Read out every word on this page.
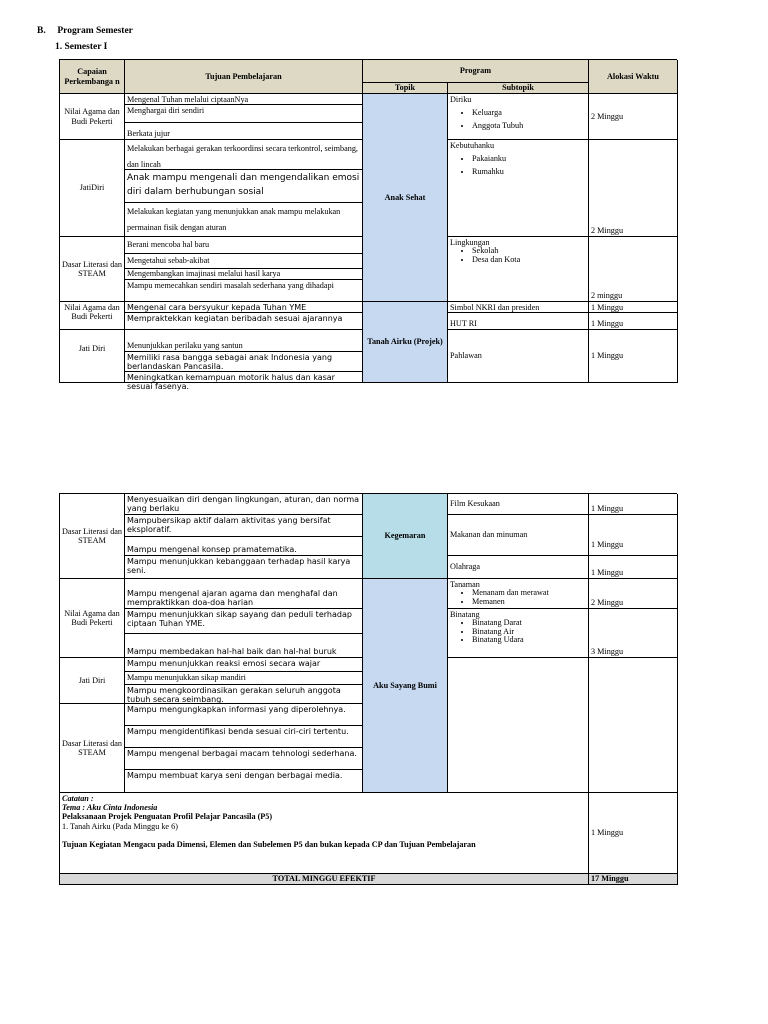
B. Program Semester
1. Semester I
Capaian Perkembanga n
Tujuan Pembelajaran
Program
Topik	Subtopik
Alokasi Waktu
Nilai Agama dan Budi Pekerti
JatiDiri
Dasar Literasi dan STEAM
Nilai Agama dan Budi Pekerti
Jati Diri
Mengenal Tuhan melalui ciptaanNya
Menghargai diri sendiri
Berkata jujur
Melakukan berbagai gerakan terkoordinsi secara terkontrol, seimbang, dan lincah
Anak mampu mengenali dan mengendalikan emosi diri dalam berhubungan sosial
Melakukan kegiatan yang menunjukkan anak mampu melakukan permainan fisik dengan aturan
Berani mencoba hal baru
Mengetahui sebab-akibat
Mengembangkan imajinasi melalui hasil karya
Mampu memecahkan sendiri masalah sederhana yang dihadapi
Mengenal cara bersyukur kepada Tuhan YME
Mempraktekkan kegiatan beribadah sesuai ajarannya
Menunjukkan perilaku yang santun
Memiliki rasa bangga sebagai anak Indonesia yang berlandaskan Pancasila.
Meningkatkan kemampuan motorik halus dan kasar sesuai fasenya.
Anak Sehat
Tanah Airku (Projek)
Diriku
• Keluarga
• Anggota Tubuh
Kebutuhanku
• Pakaianku
• Rumahku
Lingkungan
• Sekolah
• Desa dan Kota
Simbol NKRI dan presiden
HUT RI
Pahlawan
2 Minggu
2 Minggu
2 minggu
1 Minggu
1 Minggu
1 Minggu
Dasar Literasi dan STEAM
Nilai Agama dan Budi Pekerti
Jati Diri
Dasar Literasi dan STEAM
Menyesuaikan diri dengan lingkungan, aturan, dan norma yang berlaku
Mampubersikap aktif dalam aktivitas yang bersifat eksploratif.
Mampu mengenal konsep pramatematika.
Mampu menunjukkan kebanggaan terhadap hasil karya seni.
Mampu mengenal ajaran agama dan menghafal dan mempraktikkan doa-doa harian
Mampu menunjukkan sikap sayang dan peduli terhadap ciptaan Tuhan YME.
Mampu membedakan hal-hal baik dan hal-hal buruk
Mampu menunjukkan reaksi emosi secara wajar
Mampu menunjukkan sikap mandiri
Mampu mengkoordinasikan gerakan seluruh anggota tubuh secara seimbang.
Mampu mengungkapkan informasi yang diperolehnya.
Mampu mengidentifikasi benda sesuai ciri-ciri tertentu.
Mampu mengenal berbagai macam tehnologi sederhana.
Mampu membuat karya seni dengan berbagai media.
Kegemaran
Aku Sayang Bumi
Film Kesukaan
Makanan dan minuman
Olahraga
Tanaman
• Menanam dan merawat
• Memanen
Binatang
• Binatang Darat
• Binatang Air
• Binatang Udara
1 Minggu
1 Minggu
1 Minggu
2 Minggu
3 Minggu
Catatan :
Tema : Aku Cinta Indonesia
Pelaksanaan Projek Penguatan Profil Pelajar Pancasila (P5)
1. Tanah Airku (Pada Minggu ke 6)
Tujuan Kegiatan Mengacu pada Dimensi, Elemen dan Subelemen P5 dan bukan kepada CP dan Tujuan Pembelajaran
1 Minggu
TOTAL MINGGU EFEKTIF	17 Minggu
